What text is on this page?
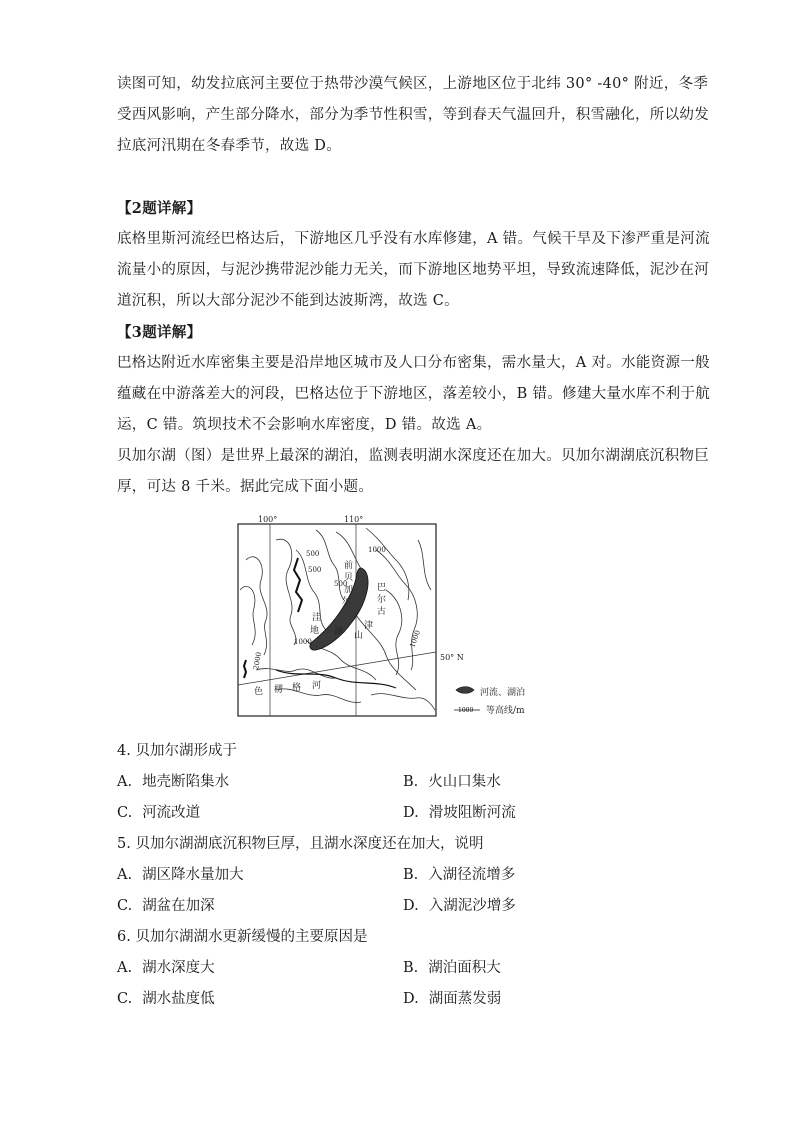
读图可知，幼发拉底河主要位于热带沙漠气候区，上游地区位于北纬 30° -40° 附近，冬季
受西风影响，产生部分降水，部分为季节性积雪，等到春天气温回升，积雪融化，所以幼发
拉底河汛期在冬春季节，故选 D。
【2题详解】
底格里斯河流经巴格达后，下游地区几乎没有水库修建，A 错。气候干旱及下渗严重是河流
流量小的原因，与泥沙携带泥沙能力无关，而下游地区地势平坦，导致流速降低，泥沙在河
道沉积，所以大部分泥沙不能到达波斯湾，故选 C。
【3题详解】
巴格达附近水库密集主要是沿岸地区城市及人口分布密集，需水量大，A 对。水能资源一般
蕴藏在中游落差大的河段，巴格达位于下游地区，落差较小，B 错。修建大量水库不利于航
运，C 错。筑坝技术不会影响水库密度，D 错。故选 A。
贝加尔湖（图）是世界上最深的湖泊，监测表明湖水深度还在加大。贝加尔湖湖底沉积物巨
厚，可达 8 千米。据此完成下面小题。
100°	110°
50° N
500
500
500
1000
1000	1000
2000
前
贝
加
尔
巴
尔
古
洼
地	津
山
湖
色 楞 格 河
河流、湖泊
1000 等高线/m
4. 贝加尔湖形成于
A. 地壳断陷集水	B. 火山口集水
C. 河流改道	D. 滑坡阻断河流
5. 贝加尔湖湖底沉积物巨厚，且湖水深度还在加大，说明
A. 湖区降水量加大	B. 入湖径流增多
C. 湖盆在加深	D. 入湖泥沙增多
6. 贝加尔湖湖水更新缓慢的主要原因是
A. 湖水深度大	B. 湖泊面积大
C. 湖水盐度低	D. 湖面蒸发弱
